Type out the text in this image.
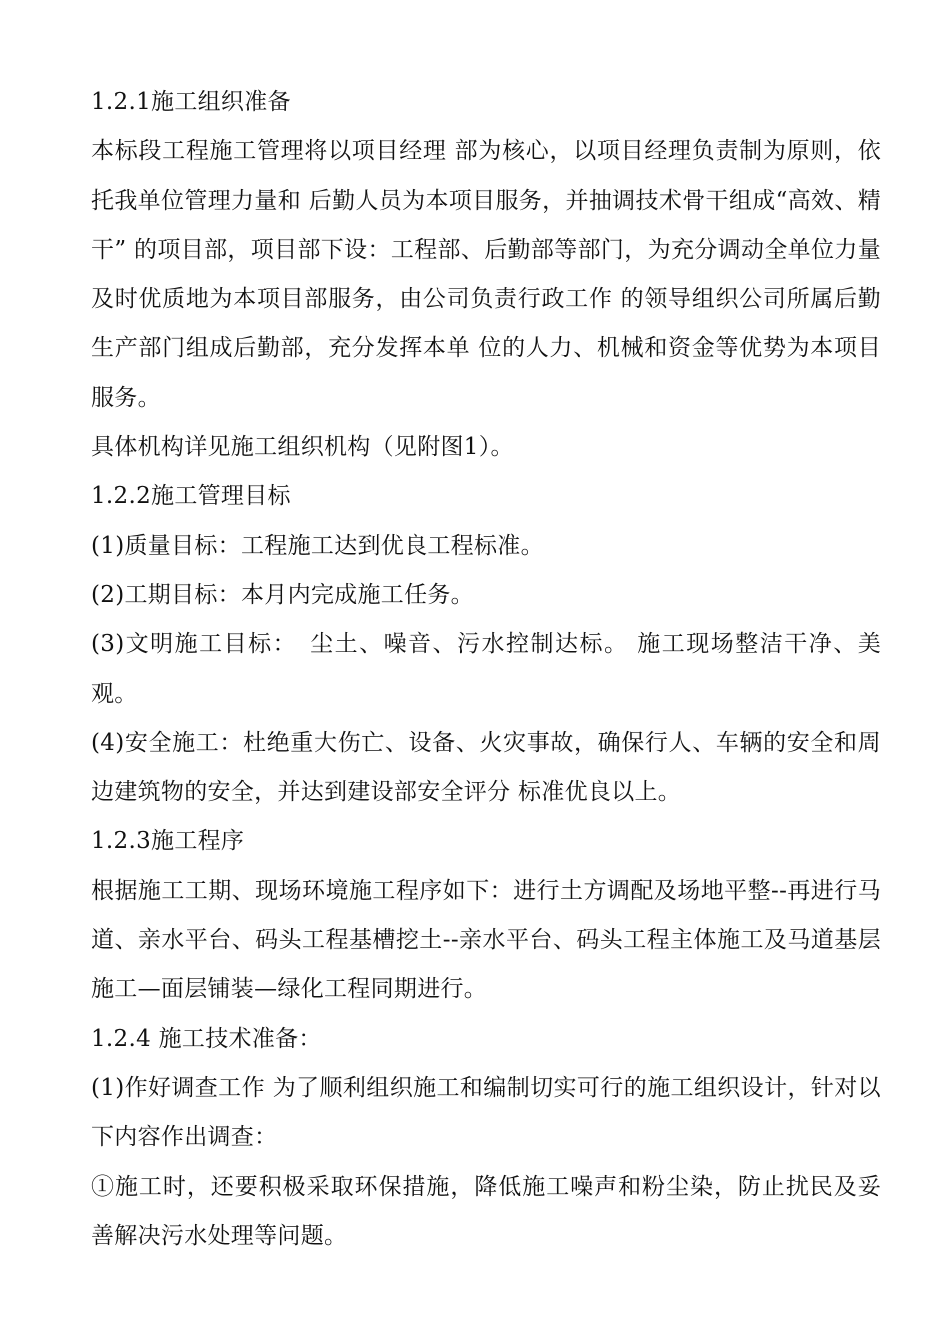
1.2.1施工组织准备

本标段工程施工管理将以项目经理 部为核心，以项目经理负责制为原则，依托我单位管理力量和 后勤人员为本项目服务，并抽调技术骨干组成“高效、精干” 的项目部，项目部下设：工程部、后勤部等部门，为充分调动全单位力量及时优质地为本项目部服务，由公司负责行政工作 的领导组织公司所属后勤生产部门组成后勤部，充分发挥本单 位的人力、机械和资金等优势为本项目服务。

具体机构详见施工组织机构（见附图1）。

1.2.2施工管理目标

(1)质量目标：工程施工达到优良工程标准。

(2)工期目标：本月内完成施工任务。

(3)文明施工目标：　尘土、噪音、污水控制达标。 施工现场整洁干净、美观。

(4)安全施工：杜绝重大伤亡、设备、火灾事故，确保行人、车辆的安全和周边建筑物的安全，并达到建设部安全评分 标准优良以上。

1.2.3施工程序

根据施工工期、现场环境施工程序如下：进行土方调配及场地平整--再进行马道、亲水平台、码头工程基槽挖土--亲水平台、码头工程主体施工及马道基层施工—面层铺装—绿化工程同期进行。

1.2.4 施工技术准备：

(1)作好调查工作 为了顺利组织施工和编制切实可行的施工组织设计，针对以下内容作出调查：

①施工时，还要积极采取环保措施，降低施工噪声和粉尘染，防止扰民及妥善解决污水处理等问题。
